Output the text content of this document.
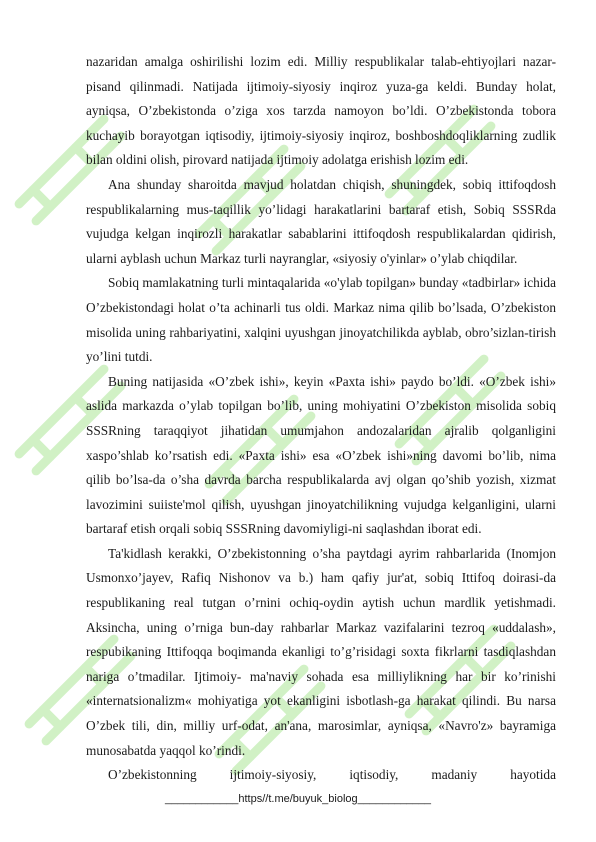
nazaridan amalga oshirilishi lozim edi. Milliy respublikalar talab-ehtiyojlari nazar-pisand qilinmadi. Natijada ijtimoiy-siyosiy inqiroz yuza-ga keldi. Bunday holat, ayniqsa, O’zbekistonda o’ziga xos tarzda namoyon bo’ldi. O’zbekistonda tobora kuchayib borayotgan iqtisodiy, ijtimoiy-siyosiy inqiroz, boshboshdoqliklarning zudlik bilan oldini olish, pirovard natijada ijtimoiy adolatga erishish lozim edi.

Ana shunday sharoitda mavjud holatdan chiqish, shuningdek, sobiq ittifoqdosh respublikalarning mus-taqillik yo’lidagi harakatlarini bartaraf etish, Sobiq SSSRda vujudga kelgan inqirozli harakatlar sabablarini ittifoqdosh respublikalardan qidirish, ularni ayblash uchun Markaz turli nayranglar, «siyosiy o'yinlar» o’ylab chiqdilar.

Sobiq mamlakatning turli mintaqalarida «o'ylab topilgan» bunday «tadbirlar» ichida O’zbekistondagi holat o’ta achinarli tus oldi. Markaz nima qilib bo’lsada, O’zbekiston misolida uning rahbariyatini, xalqini uyushgan jinoyatchilikda ayblab, obro’sizlan-tirish yo’lini tutdi.

Buning natijasida «O’zbek ishi», keyin «Paxta ishi» paydo bo’ldi. «O’zbek ishi» aslida markazda o’ylab topilgan bo’lib, uning mohiyatini O’zbekiston misolida sobiq SSSRning taraqqiyot jihatidan umumjahon andozalaridan ajralib qolganligini xaspo’shlab ko’rsatish edi. «Paxta ishi» esa «O’zbek ishi»ning davomi bo’lib, nima qilib bo’lsa-da o’sha davrda barcha respublikalarda avj olgan qo’shib yozish, xizmat lavozimini suiiste'mol qilish, uyushgan jinoyatchilikning vujudga kelganligini, ularni bartaraf etish orqali sobiq SSSRning davomiyligi-ni saqlashdan iborat edi.

Ta'kidlash kerakki, O’zbekistonning o’sha paytdagi ayrim rahbarlarida (Inomjon Usmonxo’jayev, Rafiq Nishonov va b.) ham qafiy jur'at, sobiq Ittifoq doirasi-da respublikaning real tutgan o’rnini ochiq-oydin aytish uchun mardlik yetishmadi. Aksincha, uning o’rniga bun-day rahbarlar Markaz vazifalarini tezroq «uddalash», respubikaning Ittifoqqa boqimanda ekanligi to’g’risidagi soxta fikrlarni tasdiqlashdan nariga o’tmadilar. Ijtimoiy- ma'naviy sohada esa milliylikning har bir ko’rinishi «internatsionalizm« mohiyatiga yot ekanligini isbotlash-ga harakat qilindi. Bu narsa O’zbek tili, din, milliy urf-odat, an'ana, marosimlar, ayniqsa, «Navro'z» bayramiga munosabatda yaqqol ko’rindi.

O’zbekistonning ijtimoiy-siyosiy, iqtisodiy, madaniy hayotida

____________https//t.me/buyuk_biolog____________
